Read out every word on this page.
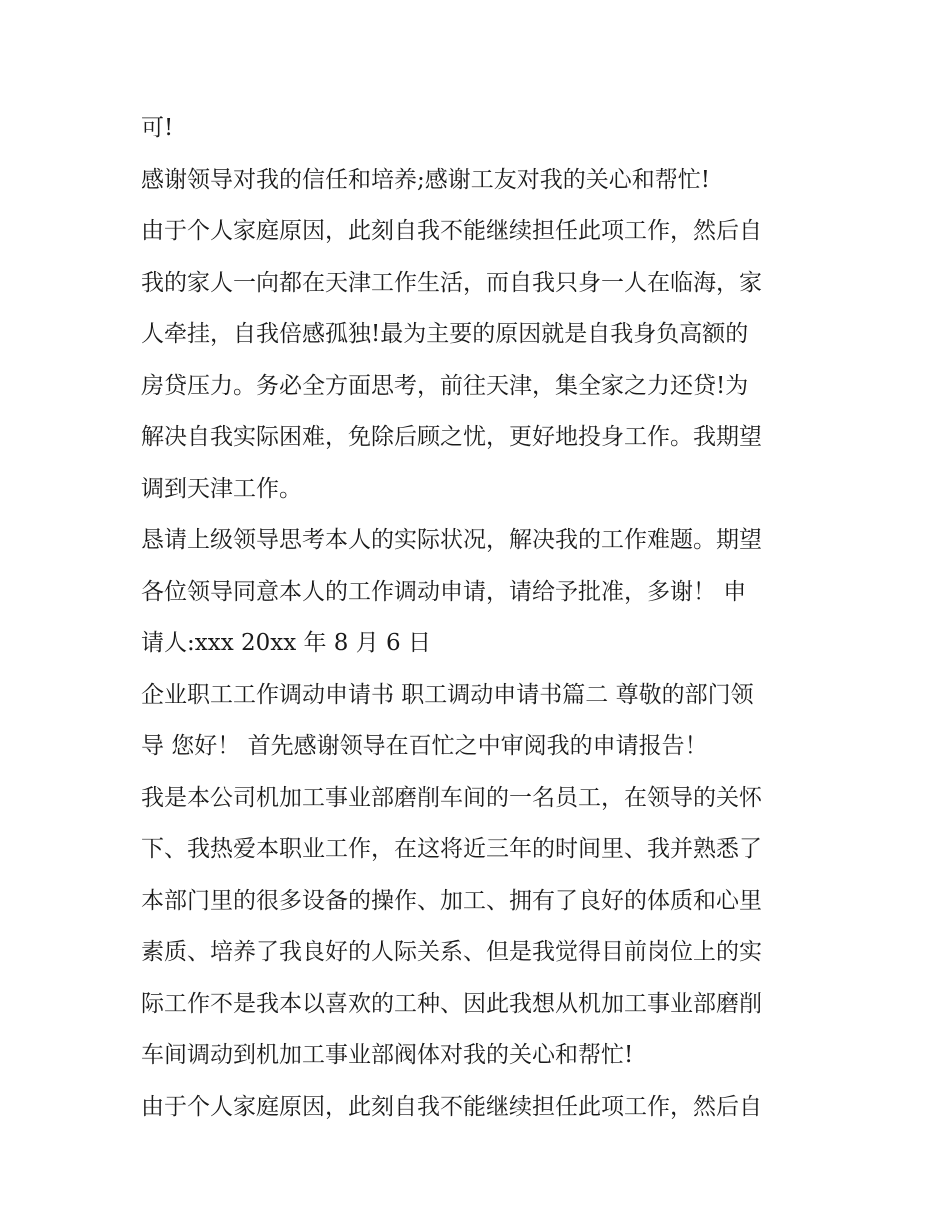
可!
感谢领导对我的信任和培养;感谢工友对我的关心和帮忙!
由于个人家庭原因，此刻自我不能继续担任此项工作，然后自
我的家人一向都在天津工作生活，而自我只身一人在临海，家
人牵挂，自我倍感孤独!最为主要的原因就是自我身负高额的
房贷压力。务必全方面思考，前往天津，集全家之力还贷!为
解决自我实际困难，免除后顾之忧，更好地投身工作。我期望
调到天津工作。
恳请上级领导思考本人的实际状况，解决我的工作难题。期望
各位领导同意本人的工作调动申请，请给予批准，多谢！ 申
请人:xxx 20xx 年 8 月 6 日
企业职工工作调动申请书 职工调动申请书篇二 尊敬的部门领
导 您好！ 首先感谢领导在百忙之中审阅我的申请报告！
我是本公司机加工事业部磨削车间的一名员工，在领导的关怀
下、我热爱本职业工作，在这将近三年的时间里、我并熟悉了
本部门里的很多设备的操作、加工、拥有了良好的体质和心里
素质、培养了我良好的人际关系、但是我觉得目前岗位上的实
际工作不是我本以喜欢的工种、因此我想从机加工事业部磨削
车间调动到机加工事业部阀体对我的关心和帮忙!
由于个人家庭原因，此刻自我不能继续担任此项工作，然后自
